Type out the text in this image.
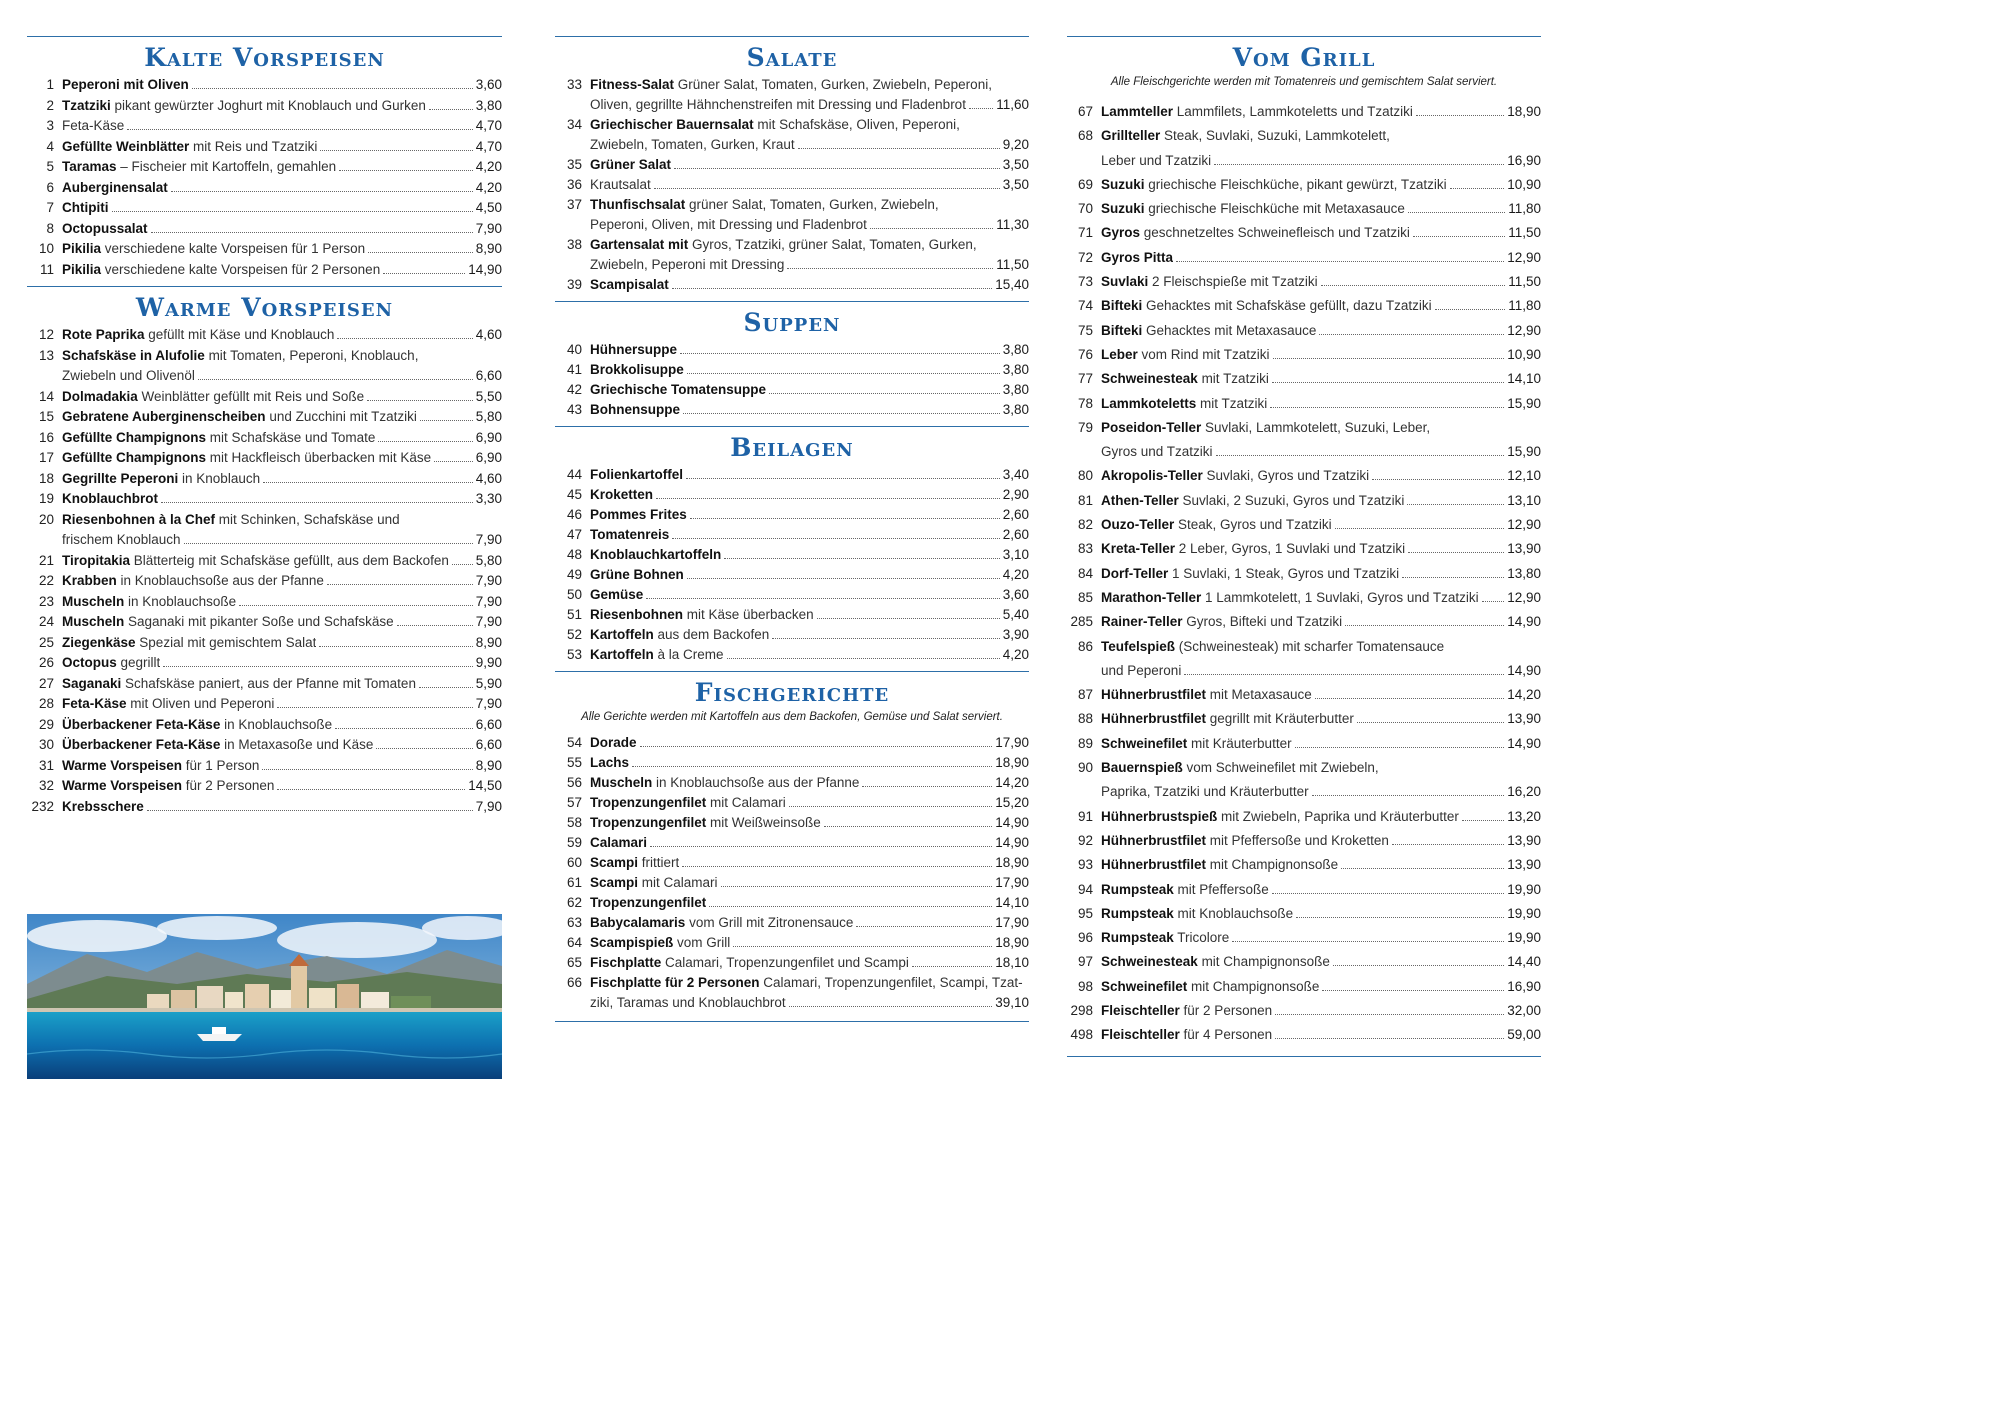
Kalte Vorspeisen
1 Peperoni mit Oliven	3,60
2 Tzatziki pikant gewürzter Joghurt mit Knoblauch und Gurken	3,80
3 Feta-Käse	4,70
4 Gefüllte Weinblätter mit Reis und Tzatziki	4,70
5 Taramas – Fischeier mit Kartoffeln, gemahlen	4,20
6 Auberginensalat	4,20
7 Chtipiti	4,50
8 Octopussalat	7,90
10 Pikilia verschiedene kalte Vorspeisen für 1 Person	8,90
11 Pikilia verschiedene kalte Vorspeisen für 2 Personen	14,90
Warme Vorspeisen
12 Rote Paprika gefüllt mit Käse und Knoblauch	4,60
13 Schafskäse in Alufolie mit Tomaten, Peperoni, Knoblauch,
Zwiebeln und Olivenöl	6,60
14 Dolmadakia Weinblätter gefüllt mit Reis und Soße	5,50
15 Gebratene Auberginenscheiben und Zucchini mit Tzatziki	5,80
16 Gefüllte Champignons mit Schafskäse und Tomate	6,90
17 Gefüllte Champignons mit Hackfleisch überbacken mit Käse	6,90
18 Gegrillte Peperoni in Knoblauch	4,60
19 Knoblauchbrot	3,30
20 Riesenbohnen à la Chef mit Schinken, Schafskäse und
frischem Knoblauch	7,90
21 Tiropitakia Blätterteig mit Schafskäse gefüllt, aus dem Backofen 5,80
22 Krabben in Knoblauchsoße aus der Pfanne	7,90
23 Muscheln in Knoblauchsoße	7,90
24 Muscheln Saganaki mit pikanter Soße und Schafskäse	7,90
25 Ziegenkäse Spezial mit gemischtem Salat	8,90
26 Octopus gegrillt	9,90
27 Saganaki Schafskäse paniert, aus der Pfanne mit Tomaten	5,90
28 Feta-Käse mit Oliven und Peperoni	7,90
29 Überbackener Feta-Käse in Knoblauchsoße	6,60
30 Überbackener Feta-Käse in Metaxasoße und Käse	6,60
31 Warme Vorspeisen für 1 Person	8,90
32 Warme Vorspeisen für 2 Personen	14,50
232 Krebsschere	7,90
Salate
33 Fitness-Salat Grüner Salat, Tomaten, Gurken, Zwiebeln, Peperoni,
Oliven, gegrillte Hähnchenstreifen mit Dressing und Fladenbrot 11,60
34 Griechischer Bauernsalat mit Schafskäse, Oliven, Peperoni,
Zwiebeln, Tomaten, Gurken, Kraut	9,20
35 Grüner Salat	3,50
36 Krautsalat	3,50
37 Thunfischsalat grüner Salat, Tomaten, Gurken, Zwiebeln,
Peperoni, Oliven, mit Dressing und Fladenbrot	11,30
38 Gartensalat mit Gyros, Tzatziki, grüner Salat, Tomaten, Gurken,
Zwiebeln, Peperoni mit Dressing	11,50
39 Scampisalat	15,40
Suppen
40 Hühnersuppe	3,80
41 Brokkolisuppe	3,80
42 Griechische Tomatensuppe	3,80
43 Bohnensuppe	3,80
Beilagen
44 Folienkartoffel	3,40
45 Kroketten	2,90
46 Pommes Frites	2,60
47 Tomatenreis	2,60
48 Knoblauchkartoffeln	3,10
49 Grüne Bohnen	4,20
50 Gemüse	3,60
51 Riesenbohnen mit Käse überbacken	5,40
52 Kartoffeln aus dem Backofen	3,90
53 Kartoffeln à la Creme	4,20
Fischgerichte
Alle Gerichte werden mit Kartoffeln aus dem Backofen, Gemüse und Salat serviert.
54 Dorade	17,90
55 Lachs	18,90
56 Muscheln in Knoblauchsoße aus der Pfanne	14,20
57 Tropenzungenfilet mit Calamari	15,20
58 Tropenzungenfilet mit Weißweinsoße	14,90
59 Calamari	14,90
60 Scampi frittiert	18,90
61 Scampi mit Calamari	17,90
62 Tropenzungenfilet	14,10
63 Babycalamaris vom Grill mit Zitronensauce	17,90
64 Scampispieß vom Grill	18,90
65 Fischplatte Calamari, Tropenzungenfilet und Scampi	18,10
66 Fischplatte für 2 Personen Calamari, Tropenzungenfilet, Scampi, Tzat-
ziki, Taramas und Knoblauchbrot	39,10
Vom Grill
Alle Fleischgerichte werden mit Tomatenreis und gemischtem Salat serviert.
67 Lammteller Lammfilets, Lammkoteletts und Tzatziki	18,90
68 Grillteller Steak, Suvlaki, Suzuki, Lammkotelett,
Leber und Tzatziki	16,90
69 Suzuki griechische Fleischküche, pikant gewürzt, Tzatziki	10,90
70 Suzuki griechische Fleischküche mit Metaxasauce	11,80
71 Gyros geschnetzeltes Schweinefleisch und Tzatziki	11,50
72 Gyros Pitta	12,90
73 Suvlaki 2 Fleischspieße mit Tzatziki	11,50
74 Bifteki Gehacktes mit Schafskäse gefüllt, dazu Tzatziki	11,80
75 Bifteki Gehacktes mit Metaxasauce	12,90
76 Leber vom Rind mit Tzatziki	10,90
77 Schweinesteak mit Tzatziki	14,10
78 Lammkoteletts mit Tzatziki	15,90
79 Poseidon-Teller Suvlaki, Lammkotelett, Suzuki, Leber,
Gyros und Tzatziki	15,90
80 Akropolis-Teller Suvlaki, Gyros und Tzatziki	12,10
81 Athen-Teller Suvlaki, 2 Suzuki, Gyros und Tzatziki	13,10
82 Ouzo-Teller Steak, Gyros und Tzatziki	12,90
83 Kreta-Teller 2 Leber, Gyros, 1 Suvlaki und Tzatziki	13,90
84 Dorf-Teller 1 Suvlaki, 1 Steak, Gyros und Tzatziki	13,80
85 Marathon-Teller 1 Lammkotelett, 1 Suvlaki, Gyros und Tzatziki 12,90
285 Rainer-Teller Gyros, Bifteki und Tzatziki	14,90
86 Teufelspieß (Schweinesteak) mit scharfer Tomatensauce
und Peperoni	14,90
87 Hühnerbrustfilet mit Metaxasauce	14,20
88 Hühnerbrustfilet gegrillt mit Kräuterbutter	13,90
89 Schweinefilet mit Kräuterbutter	14,90
90 Bauernspieß vom Schweinefilet mit Zwiebeln,
Paprika, Tzatziki und Kräuterbutter	16,20
91 Hühnerbrustspieß mit Zwiebeln, Paprika und Kräuterbutter	13,20
92 Hühnerbrustfilet mit Pfeffersoße und Kroketten	13,90
93 Hühnerbrustfilet mit Champignonsoße	13,90
94 Rumpsteak mit Pfeffersoße	19,90
95 Rumpsteak mit Knoblauchsoße	19,90
96 Rumpsteak Tricolore	19,90
97 Schweinesteak mit Champignonsoße	14,40
98 Schweinefilet mit Champignonsoße	16,90
298 Fleischteller für 2 Personen	32,00
498 Fleischteller für 4 Personen	59,00
